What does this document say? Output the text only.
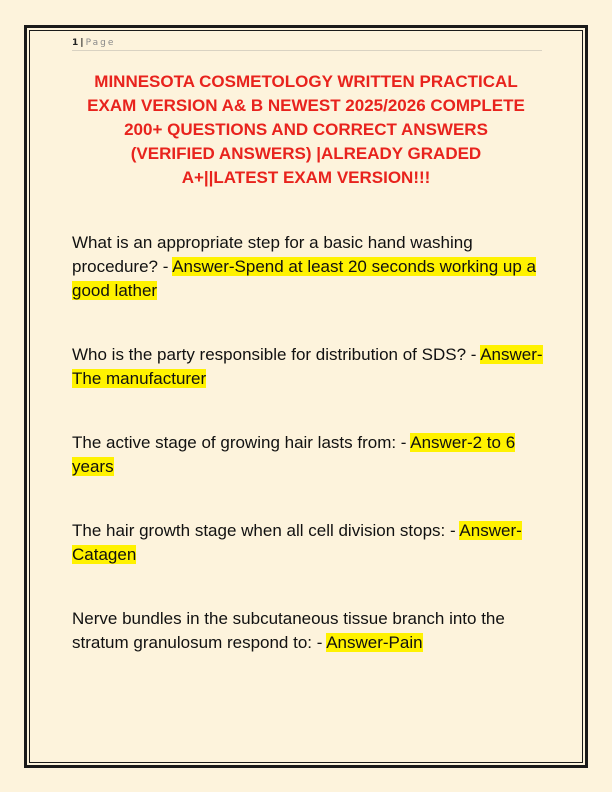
1 | Page
MINNESOTA COSMETOLOGY WRITTEN PRACTICAL
EXAM VERSION A& B NEWEST 2025/2026 COMPLETE
200+ QUESTIONS AND CORRECT ANSWERS
(VERIFIED ANSWERS) |ALREADY GRADED
A+||LATEST EXAM VERSION!!!
What is an appropriate step for a basic hand washing procedure? - Answer-Spend at least 20 seconds working up a good lather
Who is the party responsible for distribution of SDS? - Answer-The manufacturer
The active stage of growing hair lasts from: - Answer-2 to 6 years
The hair growth stage when all cell division stops: - Answer-Catagen
Nerve bundles in the subcutaneous tissue branch into the stratum granulosum respond to: - Answer-Pain
